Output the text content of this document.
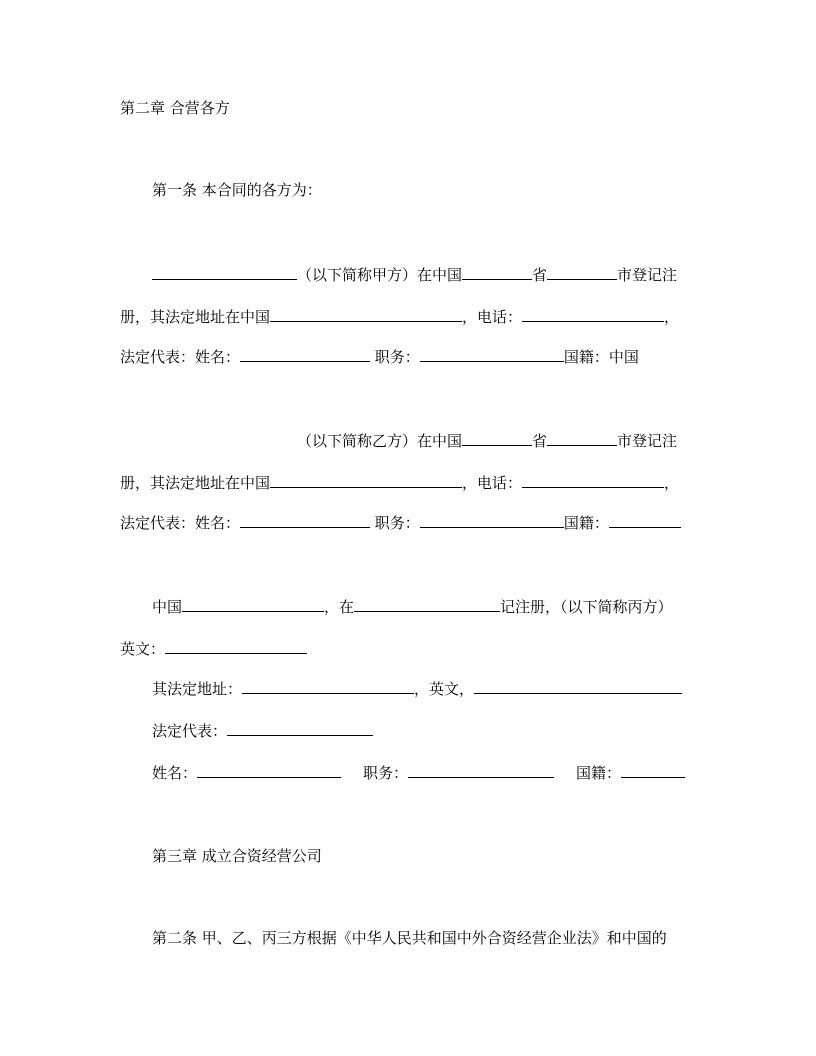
第二章 合营各方
第一条 本合同的各方为：
（以下简称甲方）在中国	省	市登记注
册，其法定地址在中国	，电话：	，
法定代表：姓名：	职务：	国籍：中国
（以下简称乙方）在中国	省	市登记注
册，其法定地址在中国	，电话：	，
法定代表：姓名：	职务：	国籍：
中国	，在	记注册，（以下简称丙方）
英文：
其法定地址：	，英文，
法定代表：
姓名：	职务：	国籍：
第三章 成立合资经营公司
第二条 甲、乙、丙三方根据《中华人民共和国中外合资经营企业法》和中国的
